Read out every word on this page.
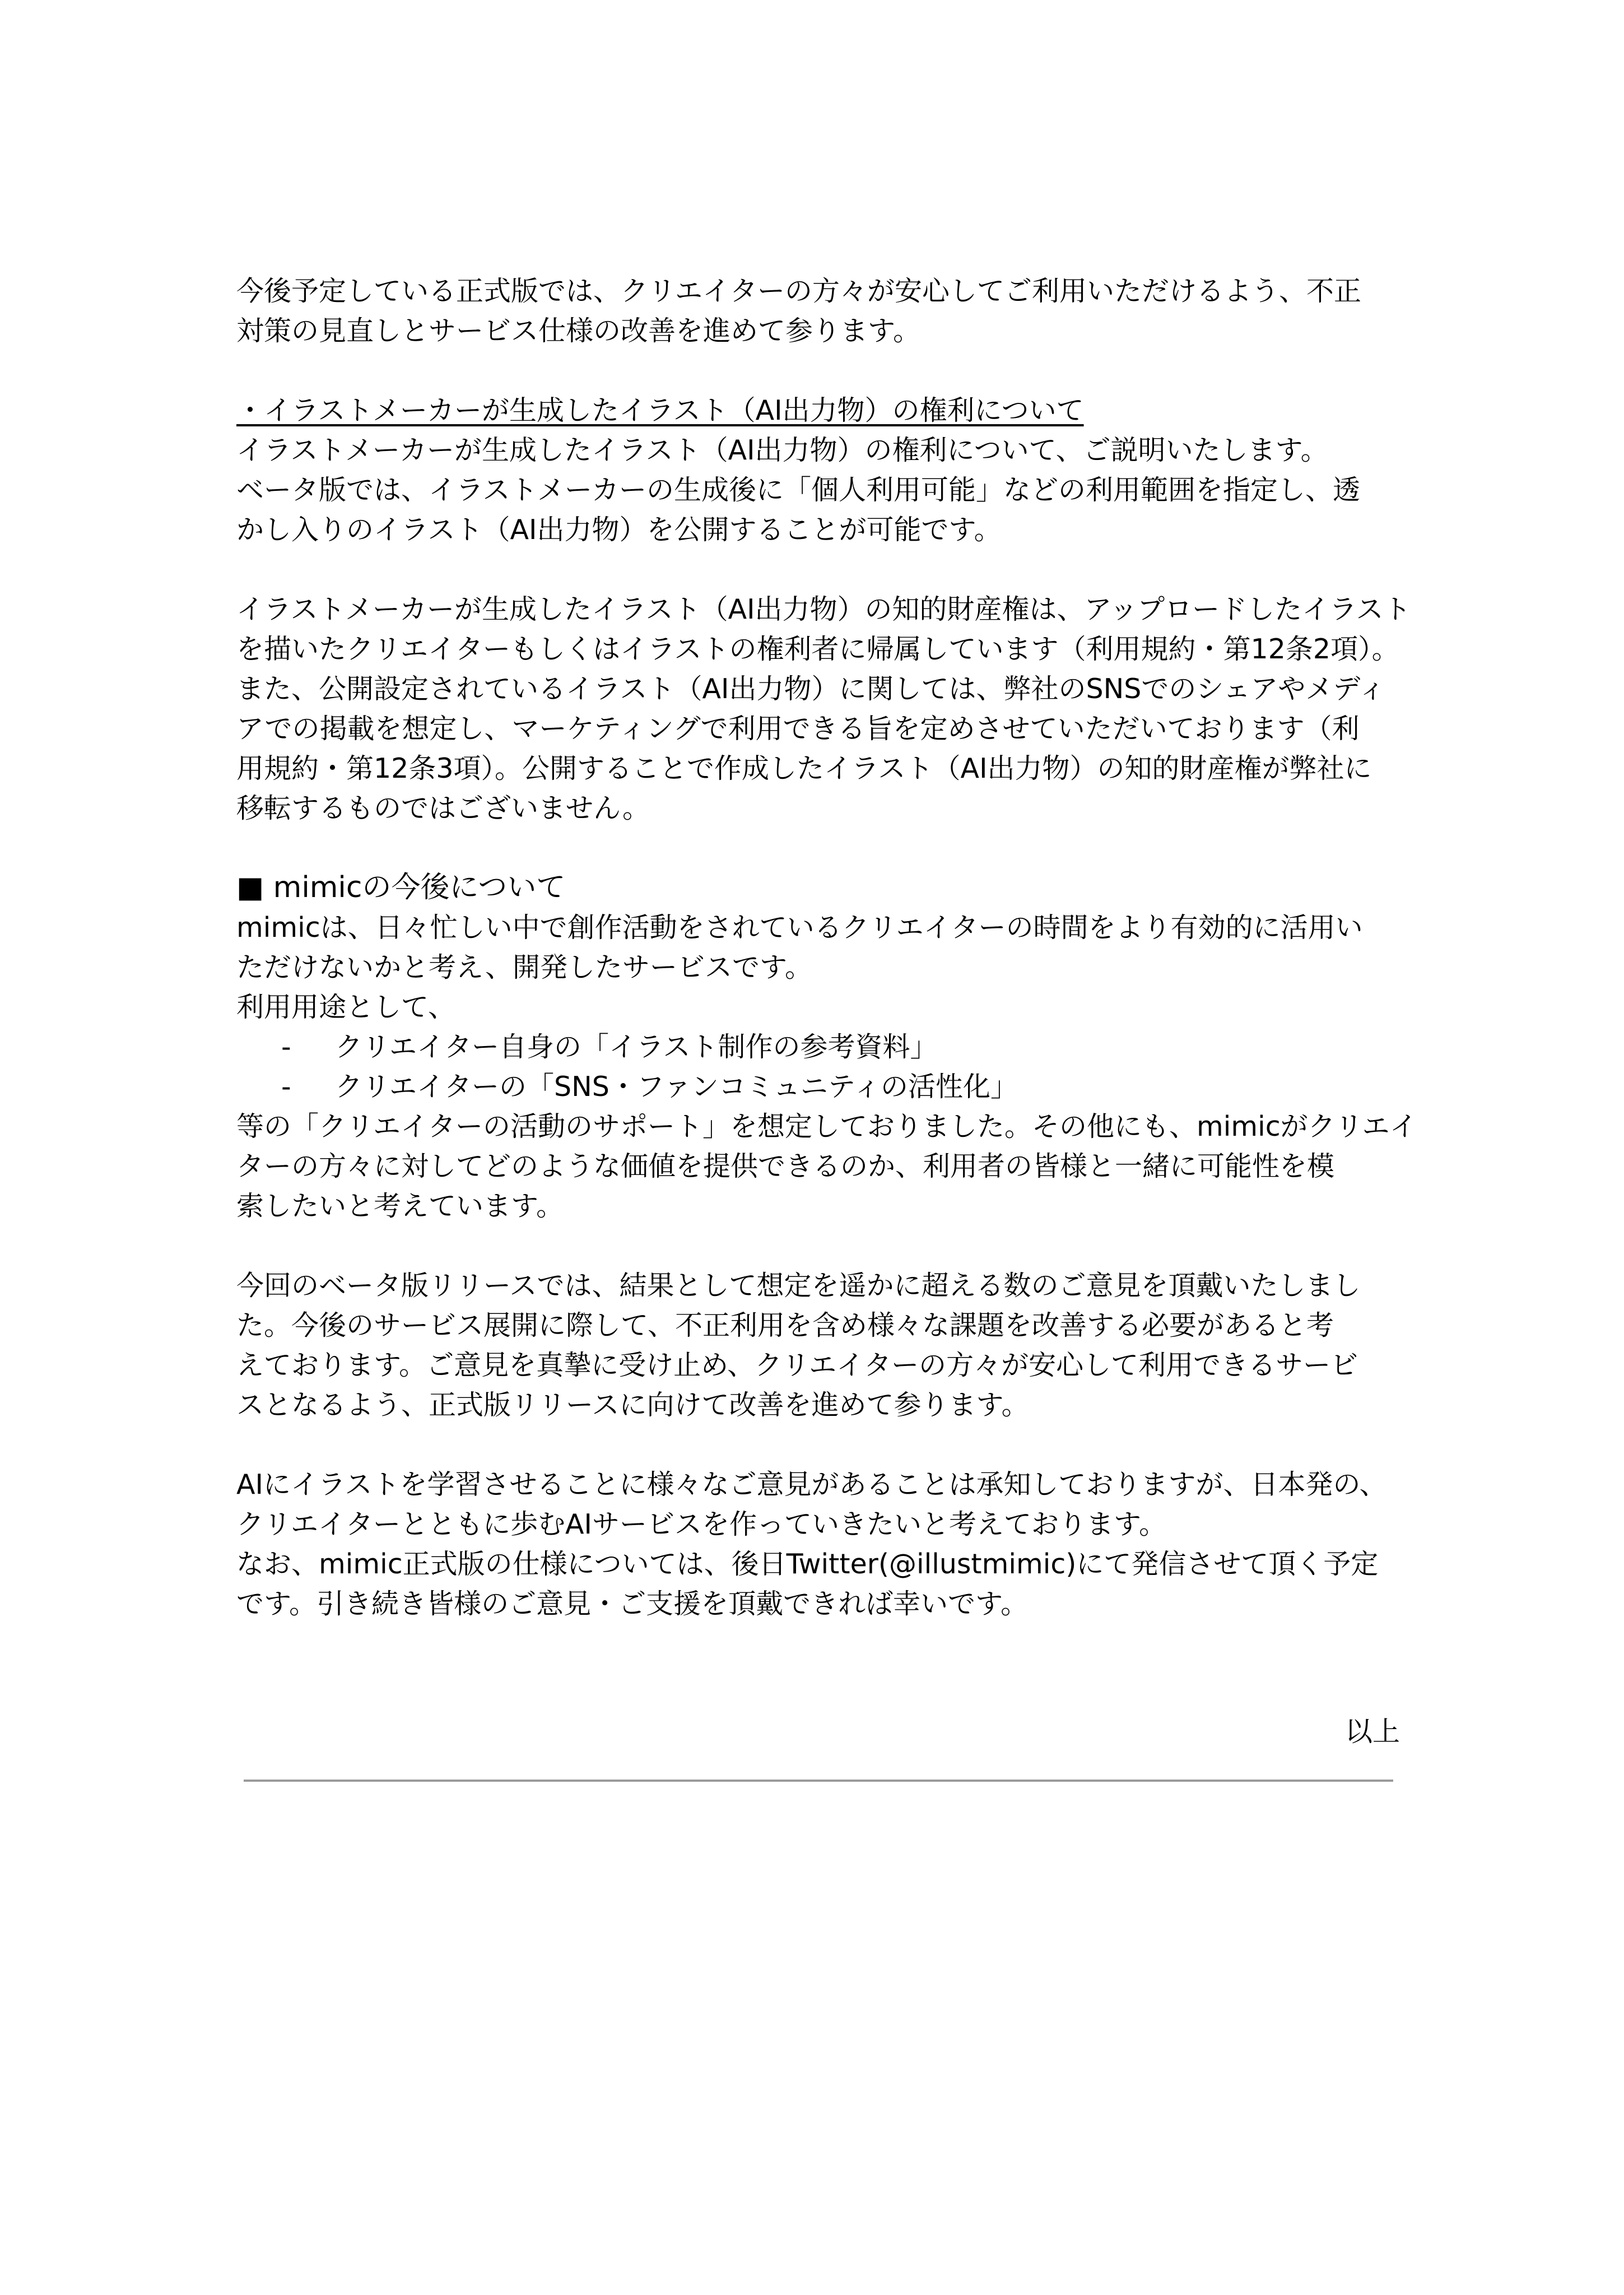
今後予定している正式版では、クリエイターの方々が安心してご利用いただけるよう、不正
対策の見直しとサービス仕様の改善を進めて参ります。
・イラストメーカーが生成したイラスト（AI出力物）の権利について
イラストメーカーが生成したイラスト（AI出力物）の権利について、ご説明いたします。
ベータ版では、イラストメーカーの生成後に「個人利用可能」などの利用範囲を指定し、透
かし入りのイラスト（AI出力物）を公開することが可能です。
イラストメーカーが生成したイラスト（AI出力物）の知的財産権は、アップロードしたイラスト
を描いたクリエイターもしくはイラストの権利者に帰属しています（利用規約・第12条2項）。
また、公開設定されているイラスト（AI出力物）に関しては、弊社のSNSでのシェアやメディ
アでの掲載を想定し、マーケティングで利用できる旨を定めさせていただいております（利
用規約・第12条3項）。公開することで作成したイラスト（AI出力物）の知的財産権が弊社に
移転するものではございません。
■ mimicの今後について
mimicは、日々忙しい中で創作活動をされているクリエイターの時間をより有効的に活用い
ただけないかと考え、開発したサービスです。
利用用途として、
- クリエイター自身の「イラスト制作の参考資料」
- クリエイターの「SNS・ファンコミュニティの活性化」
等の「クリエイターの活動のサポート」を想定しておりました。その他にも、mimicがクリエイ
ターの方々に対してどのような価値を提供できるのか、利用者の皆様と一緒に可能性を模
索したいと考えています。
今回のベータ版リリースでは、結果として想定を遥かに超える数のご意見を頂戴いたしまし
た。今後のサービス展開に際して、不正利用を含め様々な課題を改善する必要があると考
えております。ご意見を真摯に受け止め、クリエイターの方々が安心して利用できるサービ
スとなるよう、正式版リリースに向けて改善を進めて参ります。
AIにイラストを学習させることに様々なご意見があることは承知しておりますが、日本発の、
クリエイターとともに歩むAIサービスを作っていきたいと考えております。
なお、mimic正式版の仕様については、後日Twitter(@illustmimic)にて発信させて頂く予定
です。引き続き皆様のご意見・ご支援を頂戴できれば幸いです。
以上
